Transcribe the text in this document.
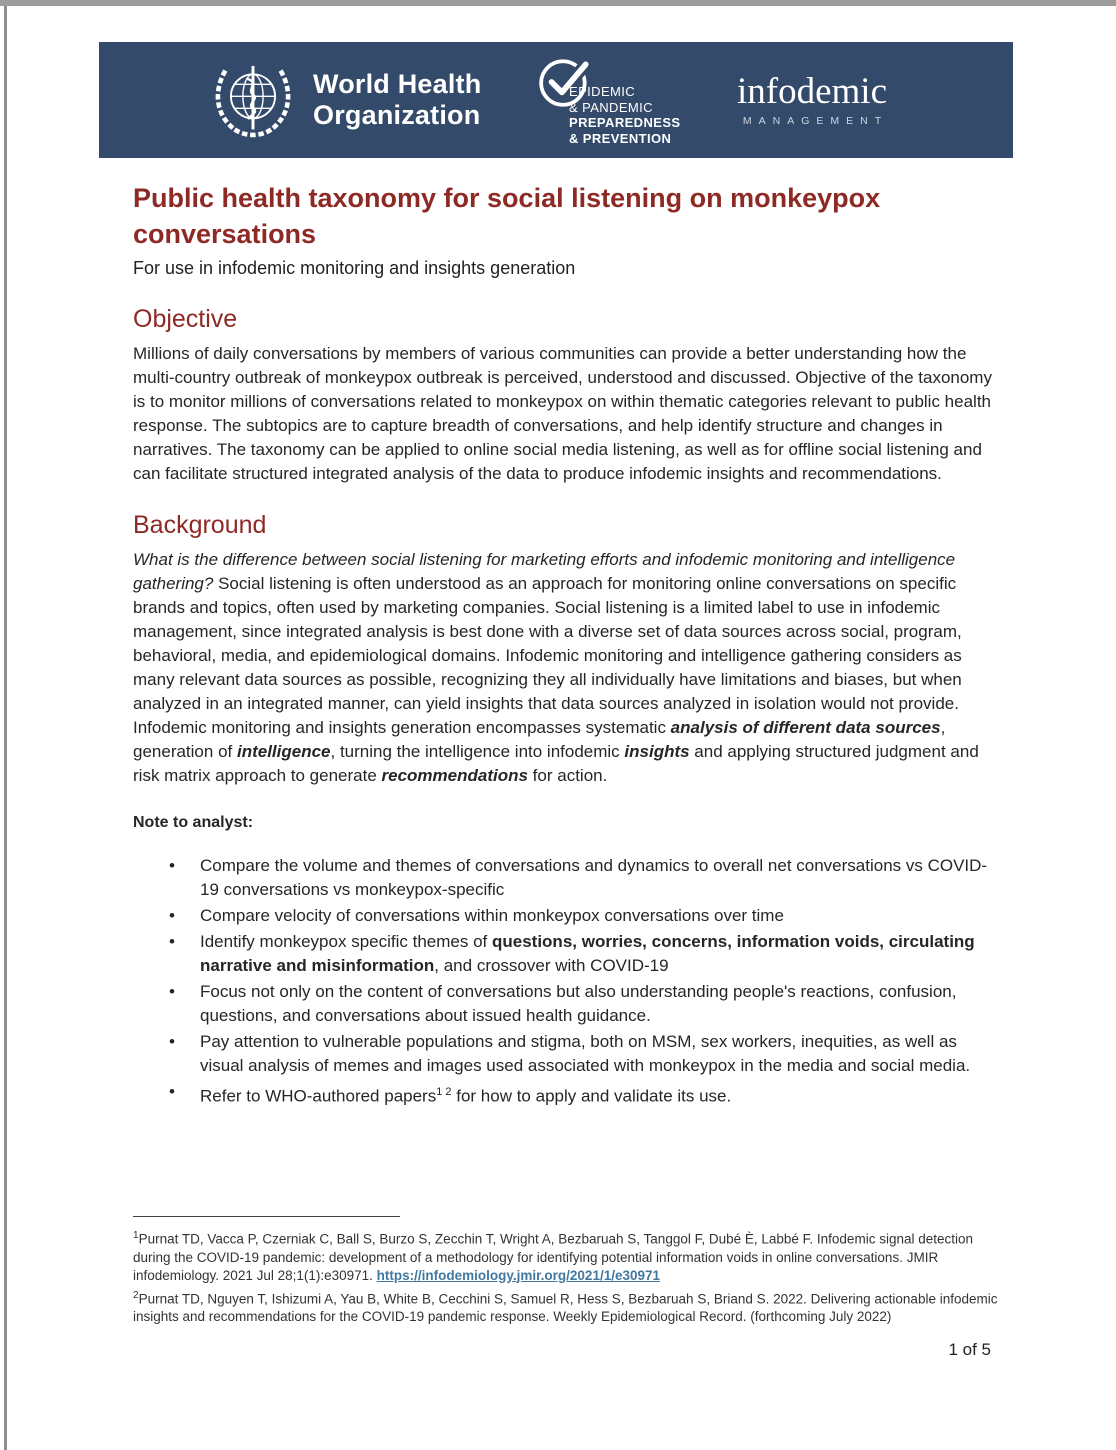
World Health
Organization
EPIDEMIC
& PANDEMIC
PREPAREDNESS
& PREVENTION
infodemic
MANAGEMENT
Public health taxonomy for social listening on monkeypox conversations

For use in infodemic monitoring and insights generation

Objective

Millions of daily conversations by members of various communities can provide a better understanding how the multi-country outbreak of monkeypox outbreak is perceived, understood and discussed. Objective of the taxonomy is to monitor millions of conversations related to monkeypox on within thematic categories relevant to public health response. The subtopics are to capture breadth of conversations, and help identify structure and changes in narratives. The taxonomy can be applied to online social media listening, as well as for offline social listening and can facilitate structured integrated analysis of the data to produce infodemic insights and recommendations.

Background

What is the difference between social listening for marketing efforts and infodemic monitoring and intelligence gathering? Social listening is often understood as an approach for monitoring online conversations on specific brands and topics, often used by marketing companies. Social listening is a limited label to use in infodemic management, since integrated analysis is best done with a diverse set of data sources across social, program, behavioral, media, and epidemiological domains. Infodemic monitoring and intelligence gathering considers as many relevant data sources as possible, recognizing they all individually have limitations and biases, but when analyzed in an integrated manner, can yield insights that data sources analyzed in isolation would not provide. Infodemic monitoring and insights generation encompasses systematic analysis of different data sources, generation of intelligence, turning the intelligence into infodemic insights and applying structured judgment and risk matrix approach to generate recommendations for action.

Note to analyst:

• Compare the volume and themes of conversations and dynamics to overall net conversations vs COVID-19 conversations vs monkeypox-specific
• Compare velocity of conversations within monkeypox conversations over time
• Identify monkeypox specific themes of questions, worries, concerns, information voids, circulating narrative and misinformation, and crossover with COVID-19
• Focus not only on the content of conversations but also understanding people's reactions, confusion, questions, and conversations about issued health guidance.
• Pay attention to vulnerable populations and stigma, both on MSM, sex workers, inequities, as well as visual analysis of memes and images used associated with monkeypox in the media and social media.
• Refer to WHO-authored papers$^{1 2}$ for how to apply and validate its use.

$^1$Purnat TD, Vacca P, Czerniak C, Ball S, Burzo S, Zecchin T, Wright A, Bezbaruah S, Tanggol F, Dubé È, Labbé F. Infodemic signal detection during the COVID-19 pandemic: development of a methodology for identifying potential information voids in online conversations. JMIR infodemiology. 2021 Jul 28;1(1):e30971. https://infodemiology.jmir.org/2021/1/e30971

$^2$Purnat TD, Nguyen T, Ishizumi A, Yau B, White B, Cecchini S, Samuel R, Hess S, Bezbaruah S, Briand S. 2022. Delivering actionable infodemic insights and recommendations for the COVID-19 pandemic response. Weekly Epidemiological Record. (forthcoming July 2022)

1 of 5
